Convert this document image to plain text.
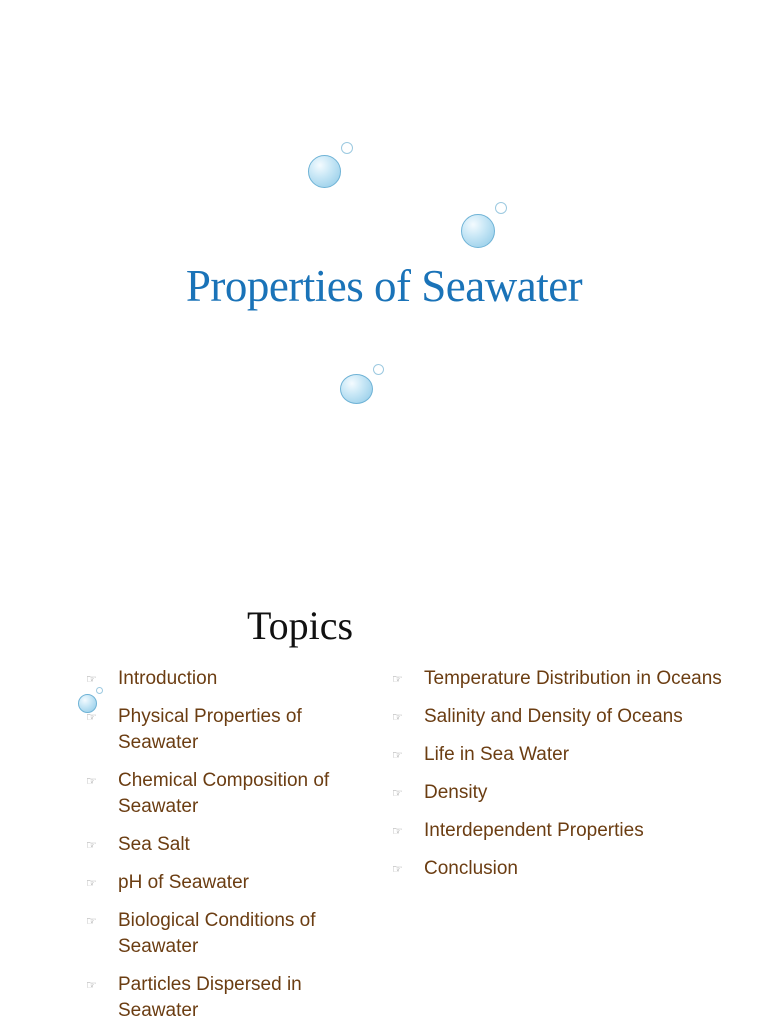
Properties of Seawater
Topics
☞	Introduction
☞	Physical Properties of Seawater
☞	Chemical Composition of Seawater
☞	Sea Salt
☞	pH of Seawater
☞	Biological Conditions of Seawater
☞	Particles Dispersed in Seawater
☞	Temperature Distribution in Oceans
☞	Salinity and Density of Oceans
☞	Life in Sea Water
☞	Density
☞	Interdependent Properties
☞	Conclusion
